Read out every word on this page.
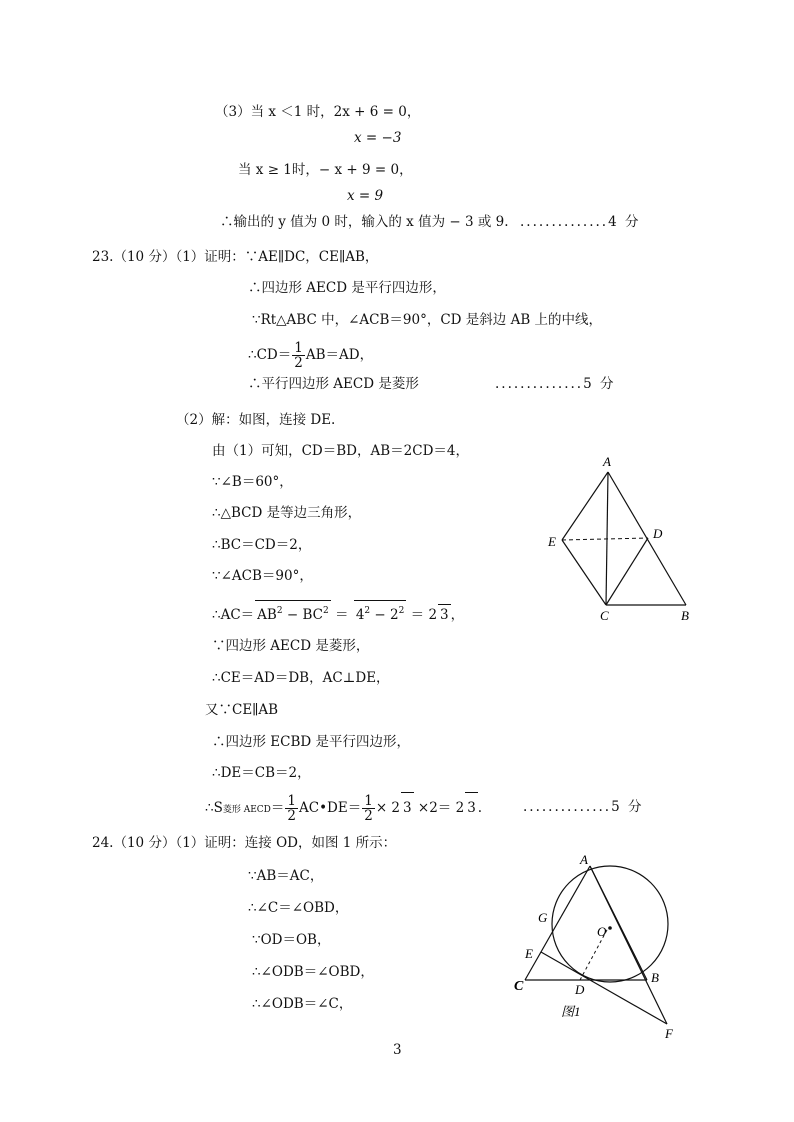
（3）当 x ＜1 时，2x + 6 = 0，
x = −3
当 x ≥ 1时，− x + 9 = 0，
x = 9
∴输出的 y 值为 0 时，输入的 x 值为 − 3 或 9. ..............4 分
23.（10 分）（1）证明：∵AE∥DC，CE∥AB，
∴四边形 AECD 是平行四边形，
∵Rt△ABC 中，∠ACB＝90°，CD 是斜边 AB 上的中线，
∴CD＝ $\frac{1}{2} AB=AD$，
∴平行四边形 AECD 是菱形	..............5 分
（2）解：如图，连接 DE.
由（1）可知，CD＝BD，AB＝2CD＝4，
∵∠B＝60°，
∴△BCD 是等边三角形，
∴BC＝CD＝2，
∵∠ACB＝90°，
∴AC＝ $AB^2 - BC^2 = 4^2 - 2^2 = 2$ 3 ，
∵四边形 AECD 是菱形，
∴CE＝AD＝DB，AC⊥DE，
又∵CE∥AB
∴四边形 ECBD 是平行四边形，
∴DE＝CB＝2，
∴S菱形 AECD＝ $\frac{1}{2}$ AC•DE＝ $\frac{1}{2} \times 2$ 3 ×2＝ 2 3 .	..............5 分
A
E
D
C	B
24.（10 分）（1）证明：连接 OD，如图 1 所示：
∵AB＝AC，
∴∠C＝∠OBD，
∵OD＝OB，
∴∠ODB＝∠OBD，
∴∠ODB＝∠C，
A
G
O
E
C	D
B
F
图1
3
